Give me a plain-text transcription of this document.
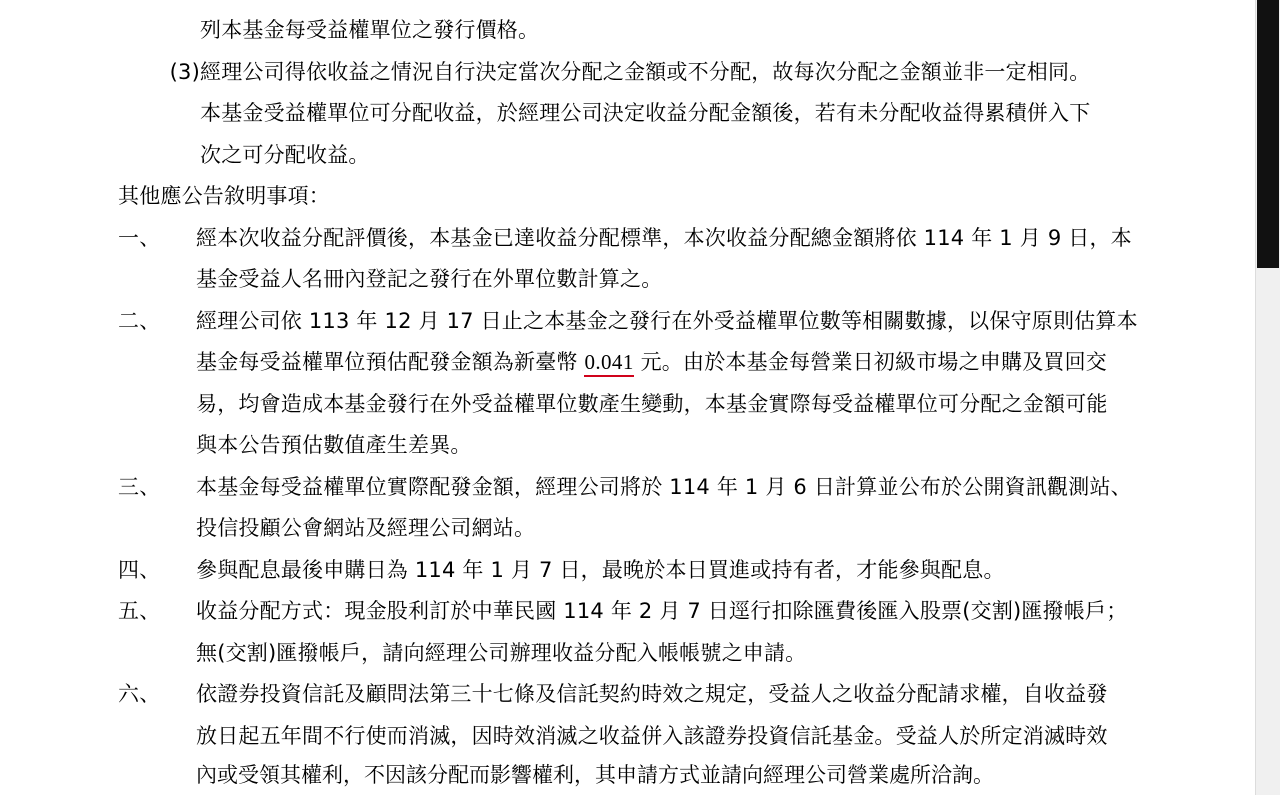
列本基金每受益權單位之發行價格。
(3) 經理公司得依收益之情況自行決定當次分配之金額或不分配，故每次分配之金額並非一定相同。
本基金受益權單位可分配收益，於經理公司決定收益分配金額後，若有未分配收益得累積併入下
次之可分配收益。
其他應公告敘明事項：
一、	經本次收益分配評價後，本基金已達收益分配標準，本次收益分配總金額將依 114 年 1 月 9 日，本
基金受益人名冊內登記之發行在外單位數計算之。
二、	經理公司依 113 年 12 月 17 日止之本基金之發行在外受益權單位數等相關數據，以保守原則估算本
基金每受益權單位預估配發金額為新臺幣 0.041 元。由於本基金每營業日初級市場之申購及買回交
易，均會造成本基金發行在外受益權單位數產生變動，本基金實際每受益權單位可分配之金額可能
與本公告預估數值產生差異。
三、	本基金每受益權單位實際配發金額，經理公司將於 114 年 1 月 6 日計算並公布於公開資訊觀測站、
投信投顧公會網站及經理公司網站。
四、	參與配息最後申購日為 114 年 1 月 7 日，最晚於本日買進或持有者，才能參與配息。
五、	收益分配方式：現金股利訂於中華民國 114 年 2 月 7 日逕行扣除匯費後匯入股票(交割)匯撥帳戶；
無(交割)匯撥帳戶，請向經理公司辦理收益分配入帳帳號之申請。
六、	依證券投資信託及顧問法第三十七條及信託契約時效之規定，受益人之收益分配請求權，自收益發
放日起五年間不行使而消滅，因時效消滅之收益併入該證券投資信託基金。受益人於所定消滅時效
內或受領其權利，不因該分配而影響權利，其申請方式並請向經理公司營業處所洽詢。
